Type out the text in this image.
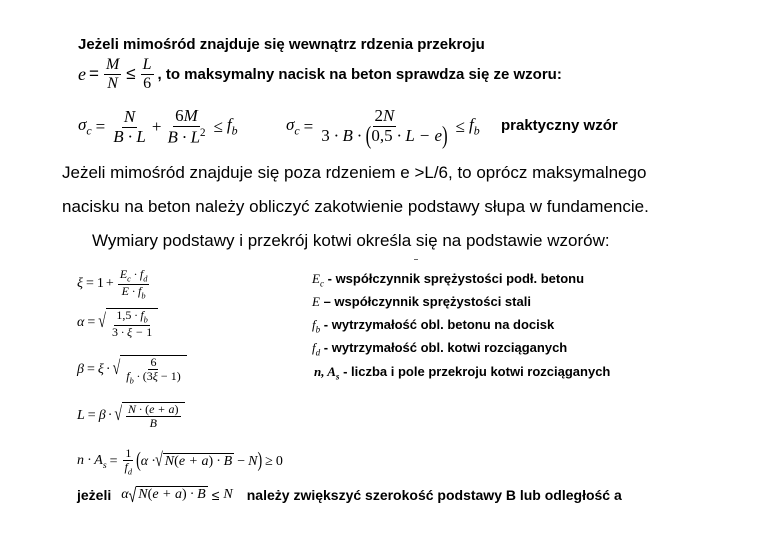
Jeżeli mimośród znajduje się wewnątrz rdzenia przekroju
$e = \frac{M}{N} \le \frac{L}{6}$ , to maksymalny nacisk na beton sprawdza się ze wzoru:
$\sigma_c = \frac{N}{B \cdot L} + \frac{6M}{B \cdot L^2} \le f_b$	$\sigma_c = \frac{2N}{3 \cdot B \cdot (0,5 \cdot L - e)} \le f_b$ praktyczny wzór
Jeżeli mimośród znajduje się poza rdzeniem e >L/6, to oprócz maksymalnego
nacisku na beton należy obliczyć zakotwienie podstawy słupa w fundamencie.
Wymiary podstawy i przekrój kotwi określa się na podstawie wzorów:
$\xi = 1 + \frac{E_c \cdot f_d}{E \cdot f_b}$
α = √ $\frac{1,5 \cdot f_b}{3 \cdot \xi - 1}$
β = ξ · √ $\frac{6}{f_b \cdot (3\xi - 1)}$
L = β · √ $\frac{N \cdot (e + a)}{B}$
$n \cdot A_s = \frac{1}{f_d}$ ( α · √ N(e + a) · B − N ) ≥ 0
$E_c$ - współczynnik sprężystości podł. betonu
E – współczynnik sprężystości stali
$f_b$ - wytrzymałość obl. betonu na docisk
$f_d$ - wytrzymałość obl. kotwi rozciąganych
n, $A_s$ - liczba i pole przekroju kotwi rozciąganych
jeżeli α √ N(e + a) · B ≤ N należy zwiększyć szerokość podstawy B lub odległość a
